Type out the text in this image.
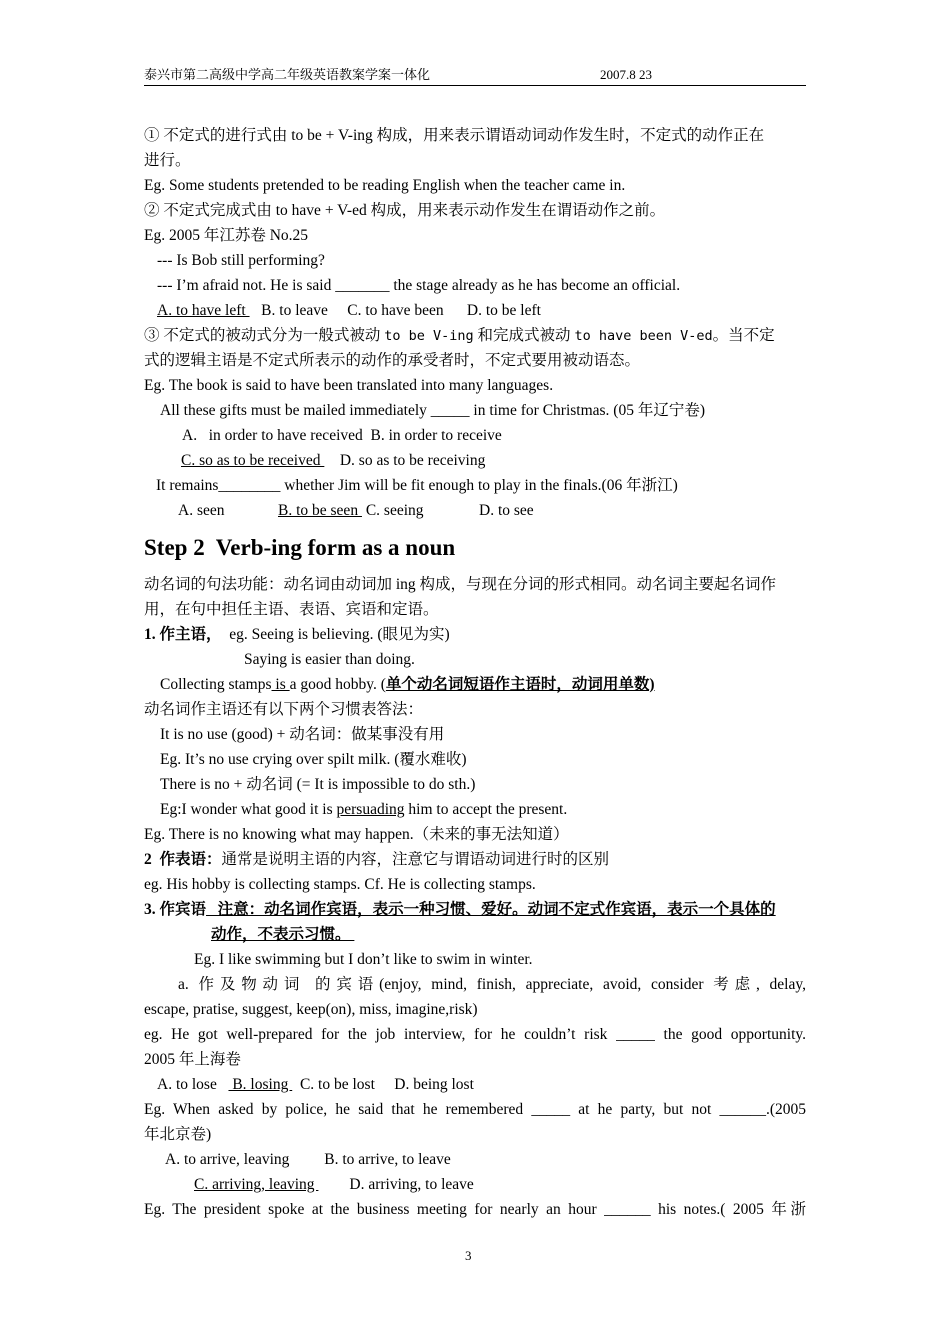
泰兴市第二高级中学高二年级英语教案学案一体化	2007.8 23
① 不定式的进行式由 to be + V-ing 构成，用来表示谓语动词动作发生时，不定式的动作正在
进行。
Eg. Some students pretended to be reading English when the teacher came in.
② 不定式完成式由 to have + V-ed 构成，用来表示动作发生在谓语动作之前。
Eg. 2005 年江苏卷 No.25
--- Is Bob still performing?
--- I’m afraid not. He is said _______ the stage already as he has become an official.
A. to have left    B. to leave     C. to have been      D. to be left
③ 不定式的被动式分为一般式被动 to be V-ing 和完成式被动 to have been V-ed。当不定
式的逻辑主语是不定式所表示的动作的承受者时，不定式要用被动语态。
Eg. The book is said to have been translated into many languages.
All these gifts must be mailed immediately _____ in time for Christmas. (05 年辽宁卷)
A.   in order to have received  B. in order to receive
C. so as to be received     D. so as to be receiving
It remains________ whether Jim will be fit enough to play in the finals.(06 年浙江)
A. seen	B. to be seen  C. seeing	D. to see
Step 2  Verb-ing form as a noun
动名词的句法功能：动名词由动词加 ing 构成，与现在分词的形式相同。动名词主要起名词作
用，在句中担任主语、表语、宾语和定语。
1. 作主语，  eg. Seeing is believing. (眼见为实)
Saying is easier than doing.
Collecting stamps is a good hobby. (单个动名词短语作主语时，动词用单数)
动名词作主语还有以下两个习惯表答法：
It is no use (good) + 动名词：做某事没有用
Eg. It’s no use crying over spilt milk. (覆水难收)
There is no + 动名词 (= It is impossible to do sth.)
Eg:I wonder what good it is persuading him to accept the present.
Eg. There is no knowing what may happen.（未来的事无法知道）
2  作表语：通常是说明主语的内容，注意它与谓语动词进行时的区别
eg. His hobby is collecting stamps. Cf. He is collecting stamps.
3. 作宾语   注意：动名词作宾语，表示一种习惯、爱好。动词不定式作宾语，表示一个具体的
动作，不表示习惯。
Eg. I like swimming but I don’t like to swim in winter.
a. 作及物动词 的宾语(enjoy, mind, finish, appreciate, avoid, consider 考虑, delay,
escape, pratise, suggest, keep(on), miss, imagine,risk)
eg. He got well-prepared for the job interview, for he couldn’t risk _____ the good opportunity.
2005 年上海卷
A. to lose    B. losing   C. to be lost     D. being lost
Eg. When asked by police, he said that he remembered _____ at he party, but not ______.(2005
年北京卷)
A. to arrive, leaving         B. to arrive, to leave
C. arriving, leaving         D. arriving, to leave
Eg. The president spoke at the business meeting for nearly an hour ______ his notes.( 2005 年浙
3
